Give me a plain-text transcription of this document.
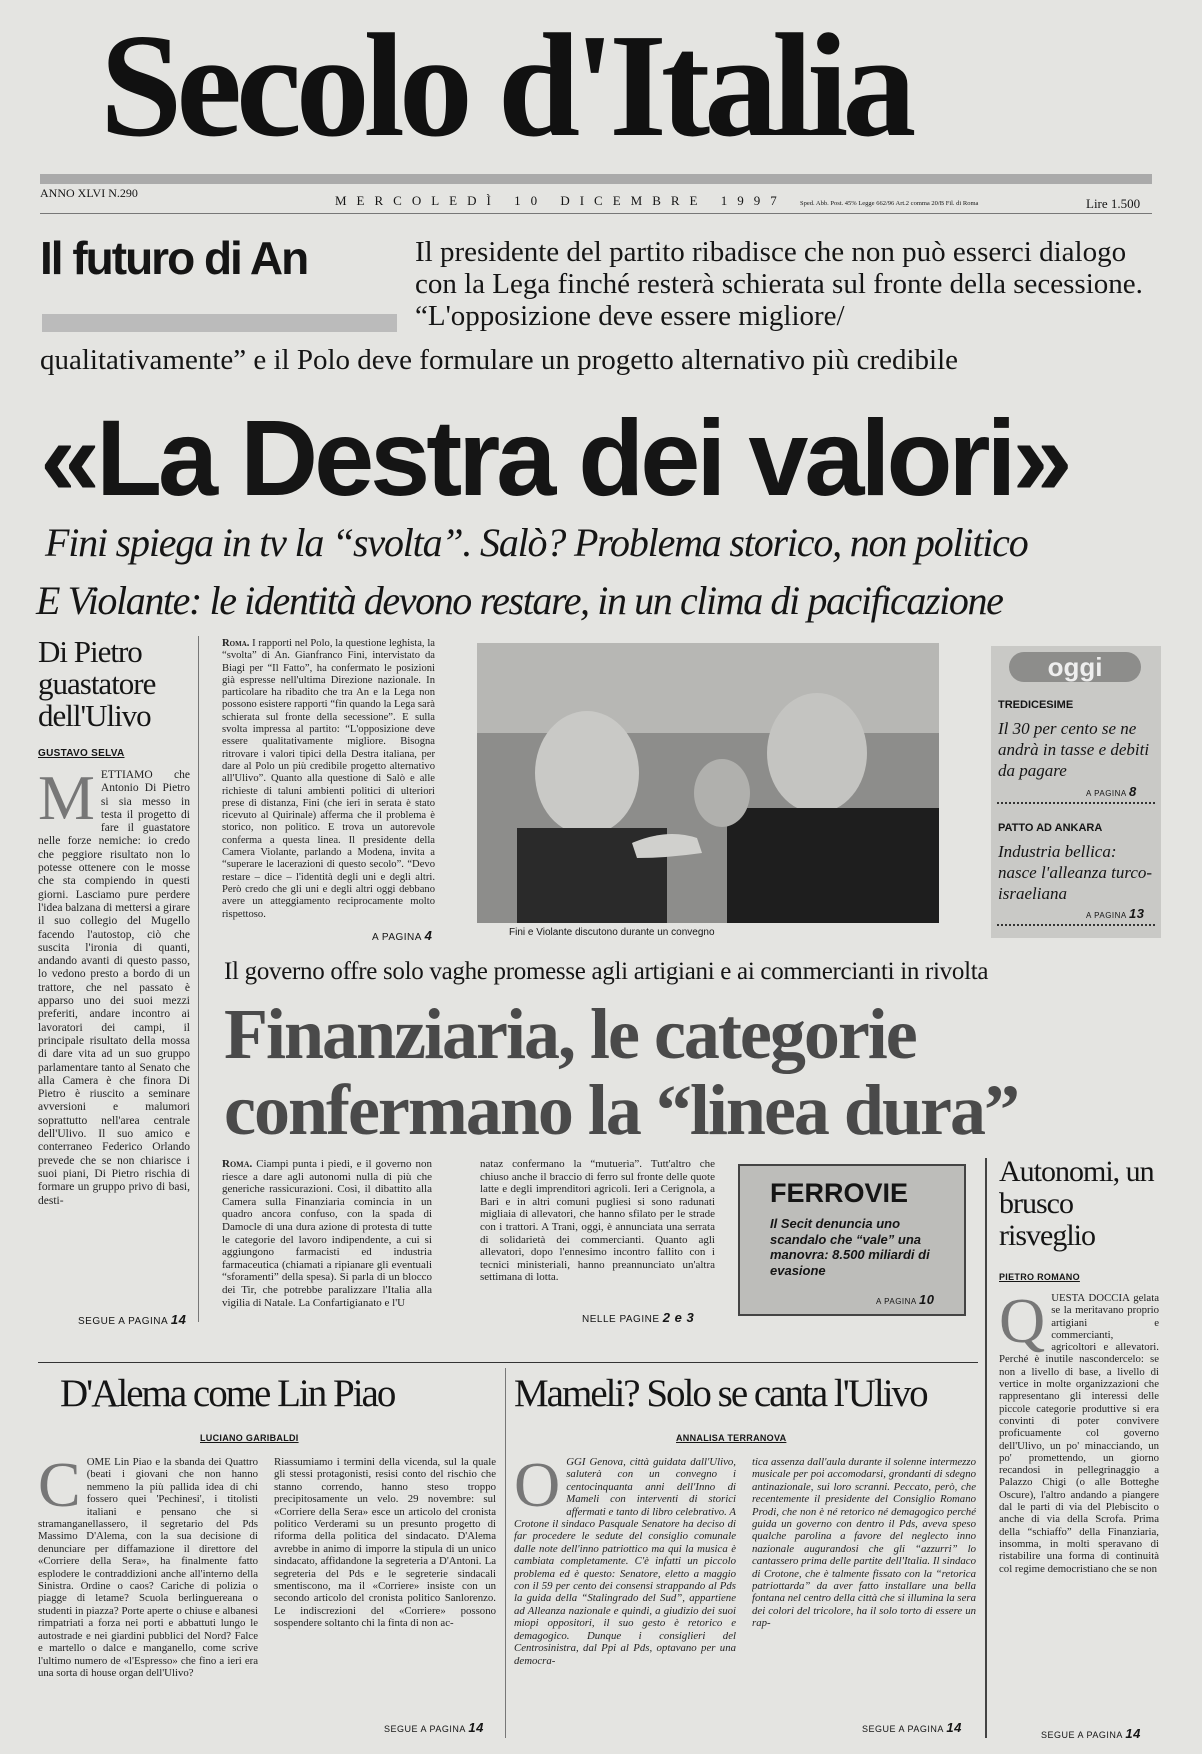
Secolo d'Italia
ANNO XLVI N.290	MERCOLEDÌ 10 DICEMBRE 1997 Sped. Abb. Post. 45% Legge 662/96 Art.2 comma 20/B Fil. di Roma	Lire 1.500
Il futuro di An	Il presidente del partito ribadisce che non può esserci dialogo con la Lega finché resterà schierata sul fronte della secessione. “L'opposizione deve essere migliore/
qualitativamente” e il Polo deve formulare un progetto alternativo più credibile
«La Destra dei valori»
Fini spiega in tv la “svolta”. Salò? Problema storico, non politico
E Violante: le identità devono restare, in un clima di pacificazione
Di Pietro guastatore dell'Ulivo
GUSTAVO SELVA
M ETTIAMO che Antonio Di Pietro si sia messo in testa il progetto di fare il guastatore nelle forze nemiche: io credo che peggiore risultato non lo potesse ottenere con le mosse che sta compiendo in questi giorni. Lasciamo pure perdere l'idea balzana di mettersi a girare il suo collegio del Mugello facendo l'autostop, ciò che suscita l'ironia di quanti, andando avanti di questo passo, lo vedono presto a bordo di un trattore, che nel passato è apparso uno dei suoi mezzi preferiti, andare incontro ai lavoratori dei campi, il principale risultato della mossa di dare vita ad un suo gruppo parlamentare tanto al Senato che alla Camera è che finora Di Pietro è riuscito a seminare avversioni e malumori soprattutto nell'area centrale dell'Ulivo. Il suo amico e conterraneo Federico Orlando prevede che se non chiarisce i suoi piani, Di Pietro rischia di formare un gruppo privo di basi, desti-
SEGUE A PAGINA 14
Roma. I rapporti nel Polo, la questione leghista, la “svolta” di An. Gianfranco Fini, intervistato da Biagi per “Il Fatto”, ha confermato le posizioni già espresse nell'ultima Direzione nazionale. In particolare ha ribadito che tra An e la Lega non possono esistere rapporti “fin quando la Lega sarà schierata sul fronte della secessione”. E sulla svolta impressa al partito: “L'opposizione deve essere qualitativamente migliore. Bisogna ritrovare i valori tipici della Destra italiana, per dare al Polo un più credibile progetto alternativo all'Ulivo”. Quanto alla questione di Salò e alle richieste di taluni ambienti politici di ulteriori prese di distanza, Fini (che ieri in serata è stato ricevuto al Quirinale) afferma che il problema è storico, non politico. E trova un autorevole conferma a questa linea. Il presidente della Camera Violante, parlando a Modena, invita a “superare le lacerazioni di questo secolo”. “Devo restare – dice – l'identità degli uni e degli altri. Però credo che gli uni e degli altri oggi debbano avere un atteggiamento reciprocamente molto rispettoso.
A PAGINA 4	Fini e Violante discutono durante un convegno
oggi
TREDICESIME
Il 30 per cento se ne andrà in tasse e debiti da pagare
A PAGINA 8
PATTO AD ANKARA
Industria bellica: nasce l'alleanza turco-israeliana
A PAGINA 13
Il governo offre solo vaghe promesse agli artigiani e ai commercianti in rivolta
Finanziaria, le categorie confermano la “linea dura”
Roma. Ciampi punta i piedi, e il governo non riesce a dare agli autonomi nulla di più che generiche rassicurazioni. Così, il dibattito alla Camera sulla Finanziaria comincia in un quadro ancora confuso, con la spada di Damocle di una dura azione di protesta di tutte le categorie del lavoro indipendente, a cui si aggiungono farmacisti ed industria farmaceutica (chiamati a ripianare gli eventuali “sforamenti” della spesa). Si parla di un blocco dei Tir, che potrebbe paralizzare l'Italia alla vigilia di Natale. La Confartigianato e l'U
nataz confermano la “mutuerìa”. Tutt'altro che chiuso anche il braccio di ferro sul fronte delle quote latte e degli imprenditori agricoli. Ieri a Cerignola, a Bari e in altri comuni pugliesi si sono radunati migliaia di allevatori, che hanno sfilato per le strade con i trattori. A Trani, oggi, è annunciata una serrata di solidarietà dei commercianti. Quanto agli allevatori, dopo l'ennesimo incontro fallito con i tecnici ministeriali, hanno preannunciato un'altra settimana di lotta.
NELLE PAGINE 2 e 3
FERROVIE
Il Secit denuncia uno scandalo che “vale” una manovra: 8.500 miliardi di evasione
A PAGINA 10
Autonomi, un brusco risveglio
PIETRO ROMANO
Q UESTA DOCCIA gelata se la meritavano proprio artigiani e commercianti, agricoltori e allevatori. Perché è inutile nascondercelo: se non a livello di base, a livello di vertice in molte organizzazioni che rappresentano gli interessi delle piccole categorie produttive si era convinti di poter convivere proficuamente col governo dell'Ulivo, un po' minacciando, un po' promettendo, un giorno recandosi in pellegrinaggio a Palazzo Chigi (o alle Botteghe Oscure), l'altro andando a piangere dal le parti di via del Plebiscito o anche di via della Scrofa. Prima della “schiaffo” della Finanziaria, insomma, in molti speravano di ristabilire una forma di continuità col regime democristiano che se non
SEGUE A PAGINA 14
D'Alema come Lin Piao
LUCIANO GARIBALDI
C OME Lin Piao e la sbanda dei Quattro (beati i giovani che non hanno nemmeno la più pallida idea di chi fossero quei 'Pechinesi', i titolisti italiani e pensano che si stramanganellassero, il segretario del Pds Massimo D'Alema, con la sua decisione di denunciare per diffamazione il direttore del «Corriere della Sera», ha finalmente fatto esplodere le contraddizioni anche all'interno della Sinistra. Ordine o caos? Cariche di polizia o piagge di letame? Scuola berlinguereana o studenti in piazza? Porte aperte o chiuse e albanesi rimpatriati a forza nei porti e abbattuti lungo le autostrade e nei giardini pubblici del Nord? Falce e martello o dalce e manganello, come scrive l'ultimo numero de «l'Espresso» che fino a ieri era una sorta di house organ dell'Ulivo?
Riassumiamo i termini della vicenda, sul la quale gli stessi protagonisti, resisi conto del rischio che stanno correndo, hanno steso troppo precipitosamente un velo. 29 novembre: sul «Corriere della Sera» esce un articolo del cronista politico Verderami su un presunto progetto di riforma della politica del sindacato. D'Alema avrebbe in animo di imporre la stipula di un unico sindacato, affidandone la segreteria a D'Antoni. La segreteria del Pds e le segreterie sindacali smentiscono, ma il «Corriere» insiste con un secondo articolo del cronista politico Sanlorenzo. Le indiscrezioni del «Corriere» possono sospendere soltanto chi la finta di non ac-
SEGUE A PAGINA 14
Mameli? Solo se canta l'Ulivo
ANNALISA TERRANOVA
O GGI Genova, città guidata dall'Ulivo, saluterà con un convegno i centocinquanta anni dell'Inno di Mameli con interventi di storici affermati e tanto di libro celebrativo. A Crotone il sindaco Pasquale Senatore ha deciso di far procedere le sedute del consiglio comunale dalle note dell'inno patriottico ma qui la musica è cambiata completamente. C'è infatti un piccolo problema ed è questo: Senatore, eletto a maggio con il 59 per cento dei consensi strappando al Pds la guida della “Stalingrado del Sud”, appartiene ad Alleanza nazionale e quindi, a giudizio dei suoi miopi oppositori, il suo gesto è retorico e demagogico. Dunque i consiglieri del Centrosinistra, dal Ppi al Pds, optavano per una democra-
tica assenza dall'aula durante il solenne intermezzo musicale per poi accomodarsi, grondanti di sdegno antinazionale, sui loro scranni. Peccato, però, che recentemente il presidente del Consiglio Romano Prodi, che non è né retorico né demagogico perché guida un governo con dentro il Pds, aveva speso qualche parolina a favore del neglecto inno nazionale augurandosi che gli “azzurri” lo cantassero prima delle partite dell'Italia. Il sindaco di Crotone, che è talmente fissato con la “retorica patriottarda” da aver fatto installare una bella fontana nel centro della città che si illumina la sera dei colori del tricolore, ha il solo torto di essere un rap-
SEGUE A PAGINA 14
